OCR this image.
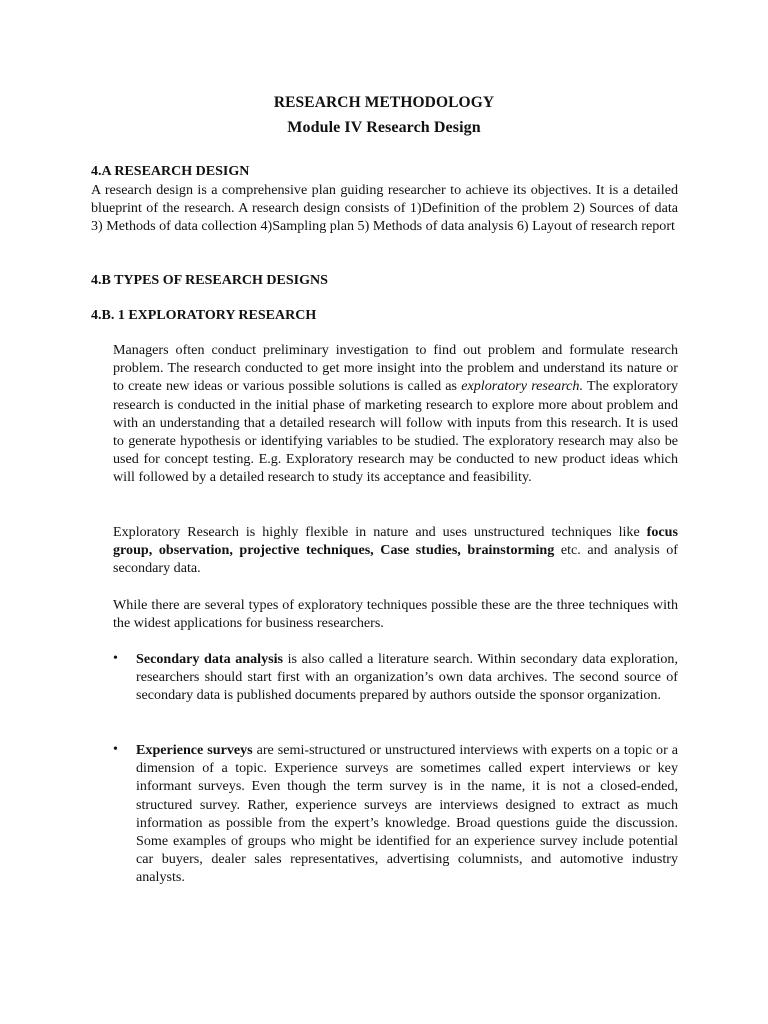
RESEARCH METHODOLOGY
Module IV Research Design
4.A RESEARCH DESIGN

A research design is a comprehensive plan guiding researcher to achieve its objectives. It is a detailed blueprint of the research. A research design consists of 1)Definition of the problem 2) Sources of data 3) Methods of data collection 4)Sampling plan 5) Methods of data analysis 6) Layout of research report

4.B TYPES OF RESEARCH DESIGNS
4.B. 1 EXPLORATORY RESEARCH

Managers often conduct preliminary investigation to find out problem and formulate research problem. The research conducted to get more insight into the problem and understand its nature or to create new ideas or various possible solutions is called as exploratory research. The exploratory research is conducted in the initial phase of marketing research to explore more about problem and with an understanding that a detailed research will follow with inputs from this research. It is used to generate hypothesis or identifying variables to be studied. The exploratory research may also be used for concept testing. E.g. Exploratory research may be conducted to new product ideas which will followed by a detailed research to study its acceptance and feasibility.

Exploratory Research is highly flexible in nature and uses unstructured techniques like focus group, observation, projective techniques, Case studies, brainstorming etc. and analysis of secondary data.

While there are several types of exploratory techniques possible these are the three techniques with the widest applications for business researchers.

• Secondary data analysis is also called a literature search. Within secondary data exploration, researchers should start first with an organization’s own data archives. The second source of secondary data is published documents prepared by authors outside the sponsor organization.

• Experience surveys are semi-structured or unstructured interviews with experts on a topic or a dimension of a topic. Experience surveys are sometimes called expert interviews or key informant surveys. Even though the term survey is in the name, it is not a closed-ended, structured survey. Rather, experience surveys are interviews designed to extract as much information as possible from the expert’s knowledge. Broad questions guide the discussion. Some examples of groups who might be identified for an experience survey include potential car buyers, dealer sales representatives, advertising columnists, and automotive industry analysts.
